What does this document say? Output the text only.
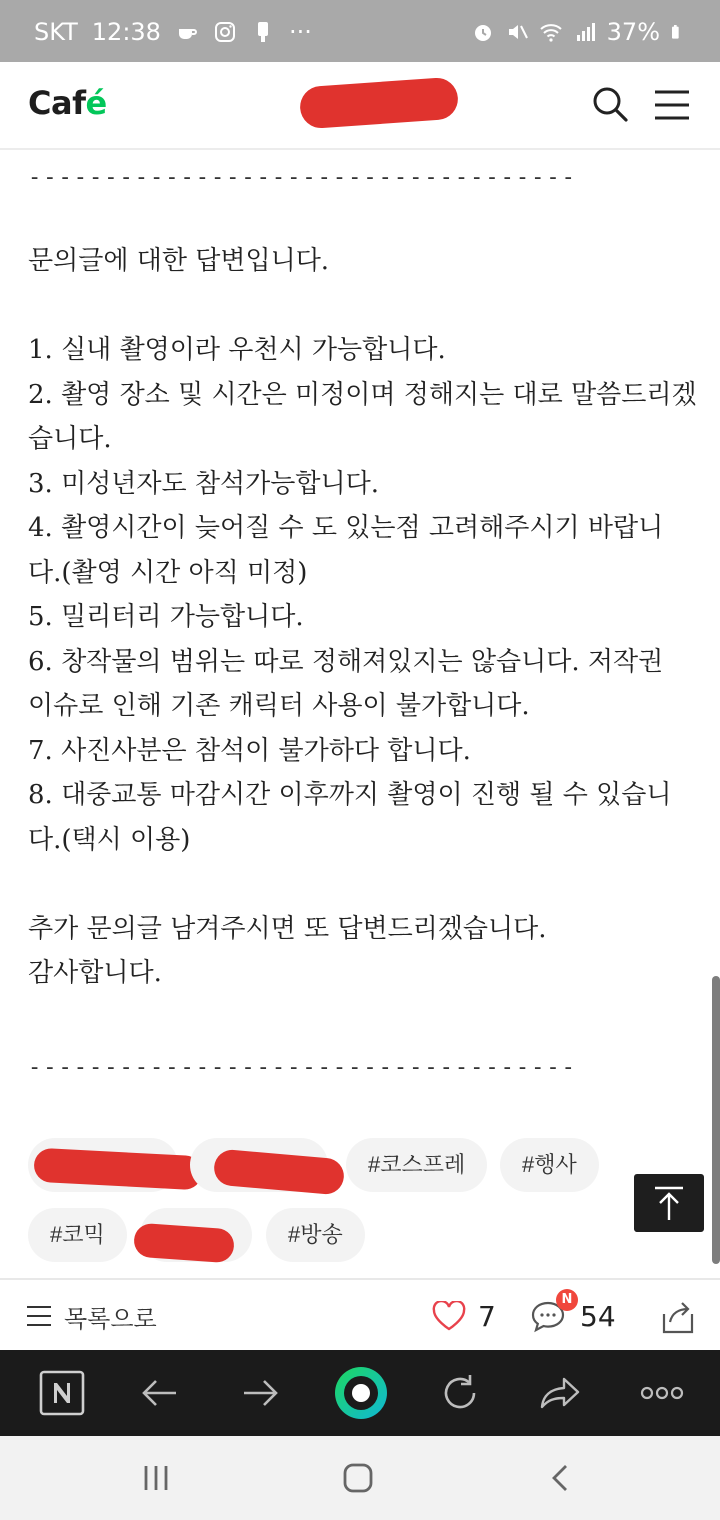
SKT 12:38	···	37%
Café
------------------------------------
문의글에 대한 답변입니다.
1. 실내 촬영이라 우천시 가능합니다.
2. 촬영 장소 및 시간은 미정이며 정해지는 대로 말씀드리겠
습니다.
3. 미성년자도 참석가능합니다.
4. 촬영시간이 늦어질 수 도 있는점 고려해주시기 바랍니
다.(촬영 시간 아직 미정)
5. 밀리터리 가능합니다.
6. 창작물의 범위는 따로 정해져있지는 않습니다. 저작권
이슈로 인해 기존 캐릭터 사용이 불가합니다.
7. 사진사분은 참석이 불가하다 합니다.
8. 대중교통 마감시간 이후까지 촬영이 진행 될 수 있습니
다.(택시 이용)
추가 문의글 남겨주시면 또 답변드리겠습니다.
감사합니다.
------------------------------------
#코스프레	#행사
#코믹	#방송
목록으로	7	N 54
